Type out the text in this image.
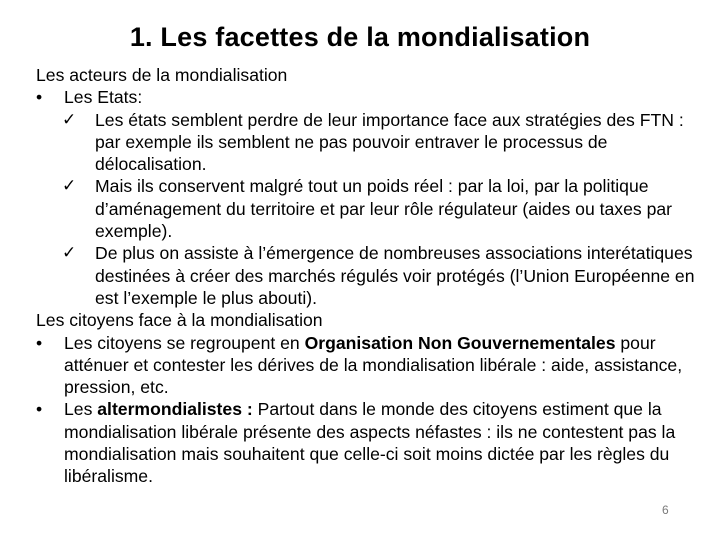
1. Les facettes de la mondialisation

Les acteurs de la mondialisation

• Les Etats:

✓ Les états semblent perdre de leur importance face aux stratégies des FTN : par exemple ils semblent ne pas pouvoir entraver le processus de délocalisation.

✓ Mais ils conservent malgré tout un poids réel : par la loi, par la politique d’aménagement du territoire et par leur rôle régulateur (aides ou taxes par exemple).

✓ De plus on assiste à l’émergence de nombreuses associations interétatiques destinées à créer des marchés régulés voir protégés (l’Union Européenne en est l’exemple le plus abouti).

Les citoyens face à la mondialisation

• Les citoyens se regroupent en Organisation Non Gouvernementales pour atténuer et contester les dérives de la mondialisation libérale : aide, assistance, pression, etc.

• Les altermondialistes : Partout dans le monde des citoyens estiment que la mondialisation libérale présente des aspects néfastes : ils ne contestent pas la mondialisation mais souhaitent que celle-ci soit moins dictée par les règles du libéralisme.

6
